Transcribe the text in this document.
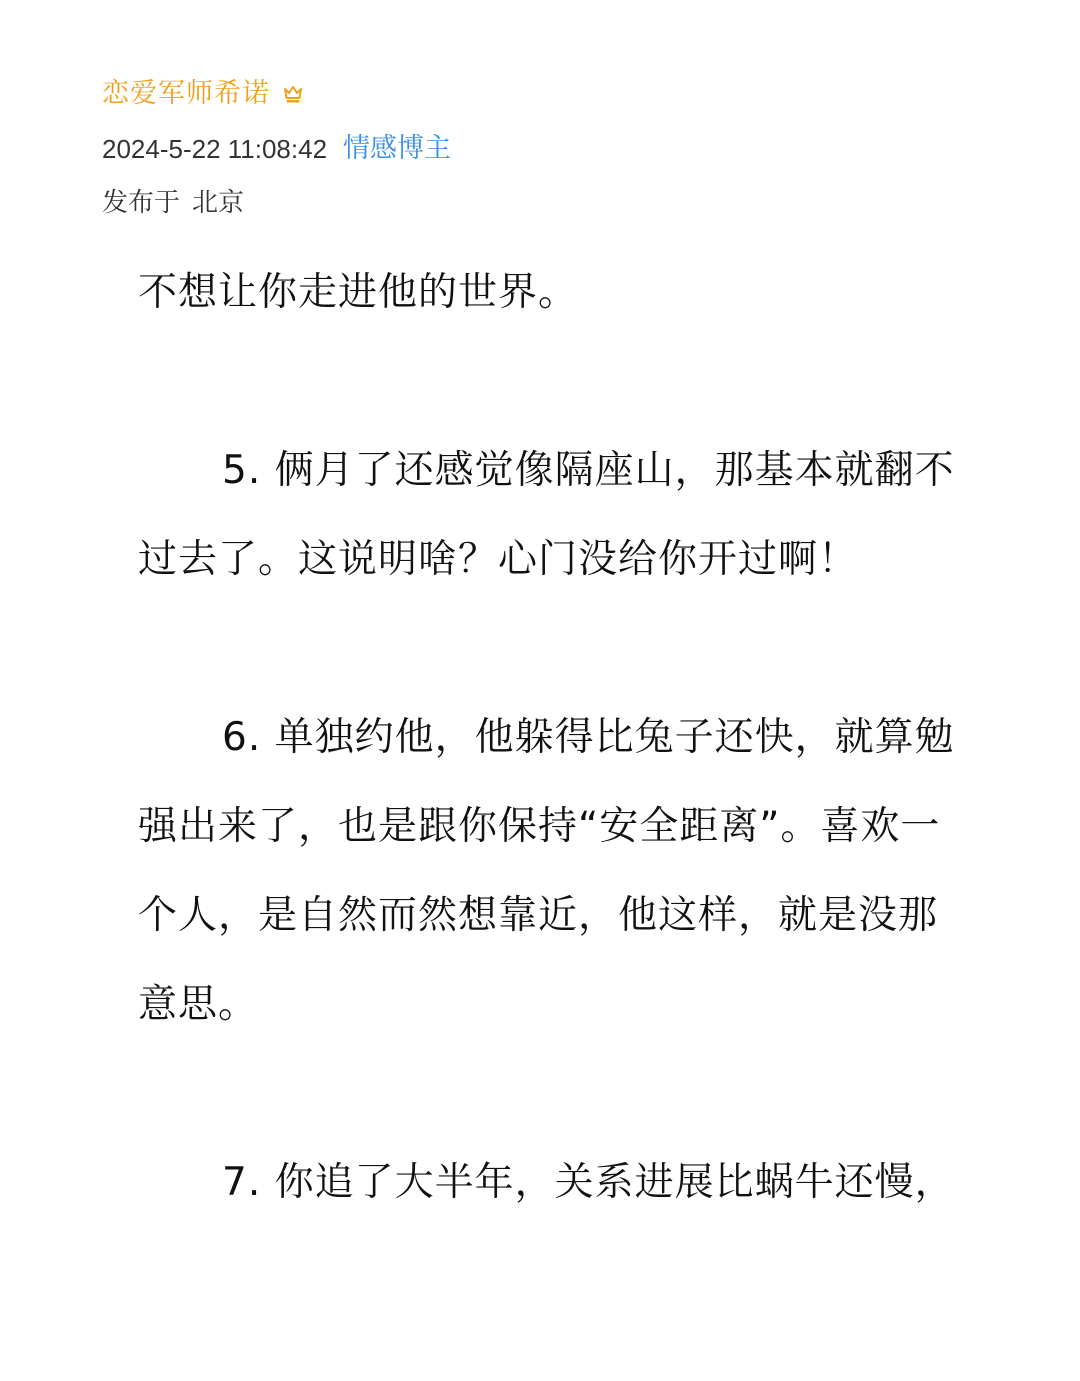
恋爱军师希诺
2024-5-22 11:08:42 情感博主
发布于 北京

不想让你走进他的世界。

5. 俩月了还感觉像隔座山，那基本就翻不过去了。这说明啥？心门没给你开过啊！

6. 单独约他，他躲得比兔子还快，就算勉强出来了，也是跟你保持“安全距离”。喜欢一个人，是自然而然想靠近，他这样，就是没那意思。

7. 你追了大半年，关系进展比蜗牛还慢，
